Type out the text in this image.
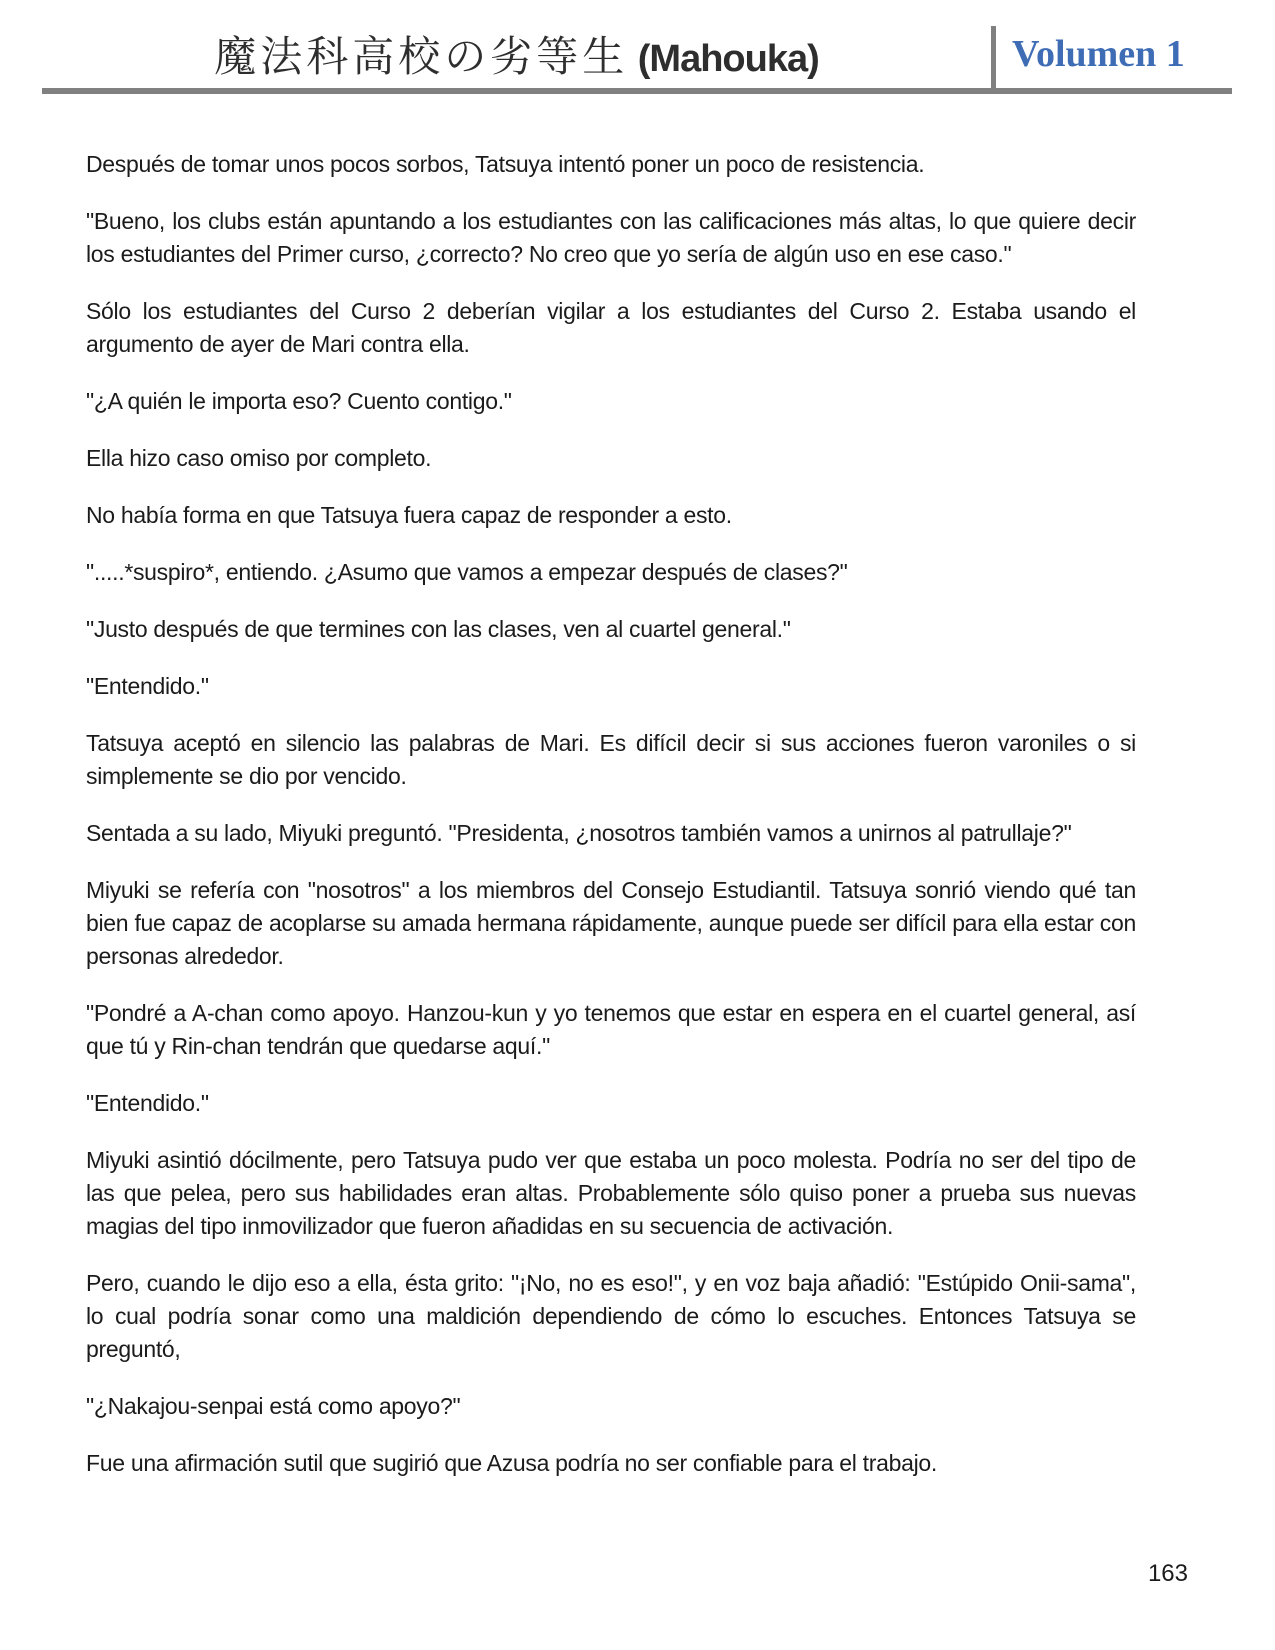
魔法科高校の劣等生 (Mahouka)	Volumen 1

Después de tomar unos pocos sorbos, Tatsuya intentó poner un poco de resistencia.

"Bueno, los clubs están apuntando a los estudiantes con las calificaciones más altas, lo que quiere decir los estudiantes del Primer curso, ¿correcto? No creo que yo sería de algún uso en ese caso."

Sólo los estudiantes del Curso 2 deberían vigilar a los estudiantes del Curso 2. Estaba usando el argumento de ayer de Mari contra ella.

"¿A quién le importa eso? Cuento contigo."

Ella hizo caso omiso por completo.

No había forma en que Tatsuya fuera capaz de responder a esto.

".....*suspiro*, entiendo. ¿Asumo que vamos a empezar después de clases?"

"Justo después de que termines con las clases, ven al cuartel general."

"Entendido."

Tatsuya aceptó en silencio las palabras de Mari. Es difícil decir si sus acciones fueron varoniles o si simplemente se dio por vencido.

Sentada a su lado, Miyuki preguntó. "Presidenta, ¿nosotros también vamos a unirnos al patrullaje?"

Miyuki se refería con "nosotros" a los miembros del Consejo Estudiantil. Tatsuya sonrió viendo qué tan bien fue capaz de acoplarse su amada hermana rápidamente, aunque puede ser difícil para ella estar con personas alrededor.

"Pondré a A-chan como apoyo. Hanzou-kun y yo tenemos que estar en espera en el cuartel general, así que tú y Rin-chan tendrán que quedarse aquí."

"Entendido."

Miyuki asintió dócilmente, pero Tatsuya pudo ver que estaba un poco molesta. Podría no ser del tipo de las que pelea, pero sus habilidades eran altas. Probablemente sólo quiso poner a prueba sus nuevas magias del tipo inmovilizador que fueron añadidas en su secuencia de activación.

Pero, cuando le dijo eso a ella, ésta grito: "¡No, no es eso!", y en voz baja añadió: "Estúpido Onii-sama", lo cual podría sonar como una maldición dependiendo de cómo lo escuches. Entonces Tatsuya se preguntó,

"¿Nakajou-senpai está como apoyo?"

Fue una afirmación sutil que sugirió que Azusa podría no ser confiable para el trabajo.

163
